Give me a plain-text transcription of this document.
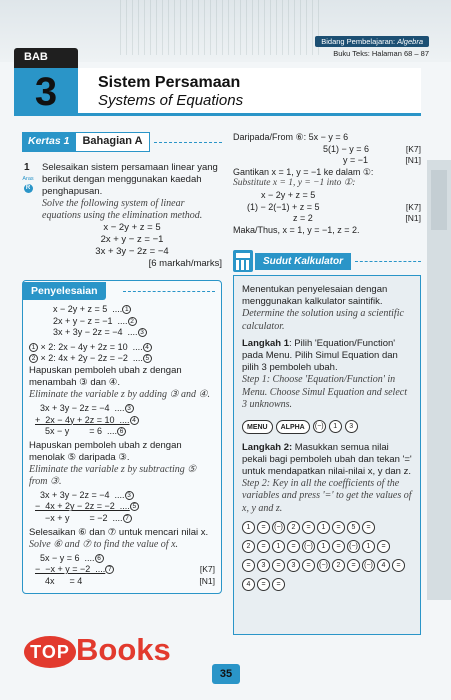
Bidang Pembelajaran: Algebra
Buku Teks: Halaman 68 – 87
BAB
3	Sistem Persamaan
Systems of Equations
Kertas 1	Bahagian A
1
Aras
R
Selesaikan sistem persamaan linear yang berikut dengan menggunakan kaedah penghapusan.
Solve the following system of linear equations using the elimination method.
x − 2y + z = 5
2x + y − z = −1
3x + 3y − 2z = −4
[6 markah/marks]
Penyelesaian
x − 2y + z = 5  .... 1
2x + y − z = −1  .... 2
3x + 3y − 2z = −4  .... 3
1 × 2: 2x − 4y + 2z = 10  .... 4
2 × 2: 4x + 2y − 2z = −2  .... 5
Hapuskan pemboleh ubah z dengan menambah ③ dan ④.
Eliminate the variable z by adding ③ and ④.
3x + 3y − 2z = −4  .... 3
+  2x − 4y + 2z = 10  .... 4
5x − y        = 6  .... 6
Hapuskan pemboleh ubah z dengan menolak ⑤ daripada ③.
Eliminate the variable z by subtracting ⑤ from ③.
3x + 3y − 2z = −4  .... 3
−  4x + 2y − 2z = −2  .... 5
−x + y        = −2  .... 7
Selesaikan ⑥ dan ⑦ untuk mencari nilai x.
Solve ⑥ and ⑦ to find the value of x.
5x − y = 6  .... 6
−  −x + y = −2  .... 7	[K7]
4x      = 4	[N1]
Daripada/From ⑥: 5x − y = 6
5(1) − y = 6	[K7]
y = −1	[N1]
Gantikan x = 1, y = −1 ke dalam ①:
Substitute x = 1, y = −1 into ①:
x − 2y + z = 5
(1) − 2(−1) + z = 5	[K7]
z = 2	[N1]
Maka/Thus, x = 1, y = −1, z = 2.
Sudut Kalkulator
Menentukan penyelesaian dengan menggunakan kalkulator saintifik.
Determine the solution using a scientific calculator.
Langkah 1: Pilih 'Equation/Function' pada Menu. Pilih Simul Equation dan pilih 3 pemboleh ubah.
Step 1: Choose 'Equation/Function' in Menu. Choose Simul Equation and select 3 unknowns.
MENU	ALPHA	(−)	1	3
Langkah 2: Masukkan semua nilai pekali bagi pemboleh ubah dan tekan '=' untuk mendapatkan nilai-nilai x, y dan z.
Step 2: Key in all the coefficients of the variables and press '=' to get the values of x, y and z.
1	=	(−)	2	=	1	=	5	=
2	=	1	=	(−)	1	=	(−)	1	=
=	3	=	3	=	(−)	2	=	(−)	4	=
4	=	=
TOP Books
35
